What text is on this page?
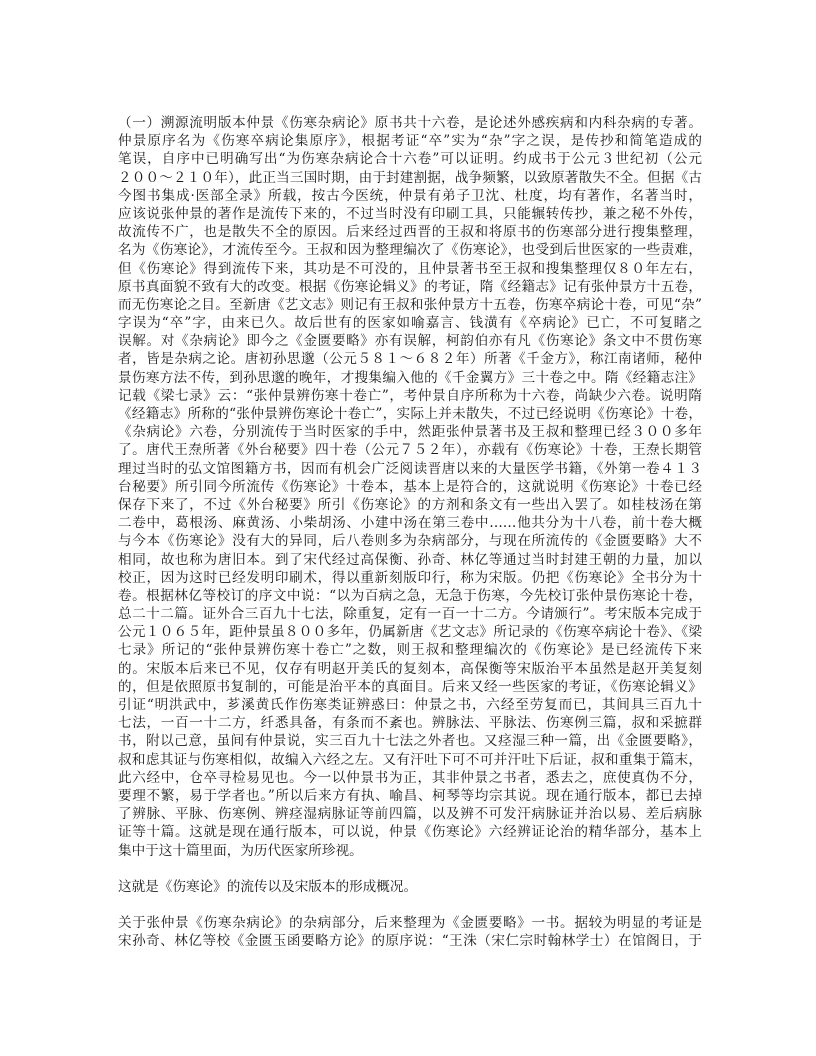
（一）溯源流明版本仲景《伤寒杂病论》原书共十六卷，是论述外感疾病和内科杂病的专著。
仲景原序名为《伤寒卒病论集原序》，根据考证“卒”实为“杂”字之误，是传抄和简笔造成的
笔误，自序中已明确写出“为伤寒杂病论合十六卷”可以证明。约成书于公元３世纪初（公元
２００～２１０年），此正当三国时期，由于封建割据，战争频繁，以致原著散失不全。但据《古
今图书集成·医部全录》所载，按古今医统，仲景有弟子卫沈、杜度，均有著作，名著当时，
应该说张仲景的著作是流传下来的，不过当时没有印刷工具，只能辗转传抄，兼之秘不外传，
故流传不广，也是散失不全的原因。后来经过西晋的王叔和将原书的伤寒部分进行搜集整理，
名为《伤寒论》，才流传至今。王叔和因为整理编次了《伤寒论》，也受到后世医家的一些责难，
但《伤寒论》得到流传下来，其功是不可没的，且仲景著书至王叔和搜集整理仅８０年左右，
原书真面貌不致有大的改变。根据《伤寒论辑义》的考证，隋《经籍志》记有张仲景方十五卷，
而无伤寒论之目。至新唐《艺文志》则记有王叔和张仲景方十五卷，伤寒卒病论十卷，可见“杂”
字误为“卒”字，由来已久。故后世有的医家如喻嘉言、钱潢有《卒病论》已亡，不可复睹之
误解。对《杂病论》即今之《金匮要略》亦有误解，柯韵伯亦有凡《伤寒论》条文中不贯伤寒
者，皆是杂病之论。唐初孙思邈（公元５８１～６８２年）所著《千金方》，称江南诸师，秘仲
景伤寒方法不传，到孙思邈的晚年，才搜集编入他的《千金翼方》三十卷之中。隋《经籍志注》
记载《梁七录》云：“张仲景辨伤寒十卷亡”，考仲景自序所称为十六卷，尚缺少六卷。说明隋
《经籍志》所称的“张仲景辨伤寒论十卷亡”，实际上并未散失，不过已经说明《伤寒论》十卷，
《杂病论》六卷，分别流传于当时医家的手中，然距张仲景著书及王叔和整理已经３００多年
了。唐代王焘所著《外台秘要》四十卷（公元７５２年），亦载有《伤寒论》十卷，王焘长期管
理过当时的弘文馆图籍方书，因而有机会广泛阅读晋唐以来的大量医学书籍，《外第一卷４１３
台秘要》所引同今所流传《伤寒论》十卷本，基本上是符合的，这就说明《伤寒论》十卷已经
保存下来了，不过《外台秘要》所引《伤寒论》的方剂和条文有一些出入罢了。如桂枝汤在第
二卷中，葛根汤、麻黄汤、小柴胡汤、小建中汤在第三卷中……他共分为十八卷，前十卷大概
与今本《伤寒论》没有大的异同，后八卷则多为杂病部分，与现在所流传的《金匮要略》大不
相同，故也称为唐旧本。到了宋代经过高保衡、孙奇、林亿等通过当时封建王朝的力量，加以
校正，因为这时已经发明印刷术，得以重新刻版印行，称为宋版。仍把《伤寒论》全书分为十
卷。根据林亿等校订的序文中说：“以为百病之急，无急于伤寒，今先校订张仲景伤寒论十卷，
总二十二篇。证外合三百九十七法，除重复，定有一百一十二方。今请颁行”。考宋版本完成于
公元１０６５年，距仲景虽８００多年，仍属新唐《艺文志》所记录的《伤寒卒病论十卷》、《梁
七录》所记的“张仲景辨伤寒十卷亡”之数，则王叔和整理编次的《伤寒论》是已经流传下来
的。宋版本后来已不见，仅存有明赵开美氏的复刻本，高保衡等宋版治平本虽然是赵开美复刻
的，但是依照原书复制的，可能是治平本的真面目。后来又经一些医家的考证，《伤寒论辑义》
引证“明洪武中，芗溪黄氏作伤寒类证辨惑曰：仲景之书，六经至劳复而已，其间具三百九十
七法，一百一十二方，纤悉具备，有条而不紊也。辨脉法、平脉法、伤寒例三篇，叔和采摭群
书，附以己意，虽间有仲景说，实三百九十七法之外者也。又痉湿三种一篇，出《金匮要略》，
叔和虑其证与伤寒相似，故编入六经之左。又有汗吐下可不可并汗吐下后证，叔和重集于篇末，
此六经中，仓卒寻检易见也。今一以仲景书为正，其非仲景之书者，悉去之，庶使真伪不分，
要理不繁，易于学者也。”所以后来方有执、喻昌、柯琴等均宗其说。现在通行版本，都已去掉
了辨脉、平脉、伤寒例、辨痉湿病脉证等前四篇，以及辨不可发汗病脉证并治以易、差后病脉
证等十篇。这就是现在通行版本，可以说，仲景《伤寒论》六经辨证论治的精华部分，基本上
集中于这十篇里面，为历代医家所珍视。
这就是《伤寒论》的流传以及宋版本的形成概况。
关于张仲景《伤寒杂病论》的杂病部分，后来整理为《金匮要略》一书。据较为明显的考证是
宋孙奇、林亿等校《金匮玉函要略方论》的原序说：“王洙（宋仁宗时翰林学士）在馆阁日，于
